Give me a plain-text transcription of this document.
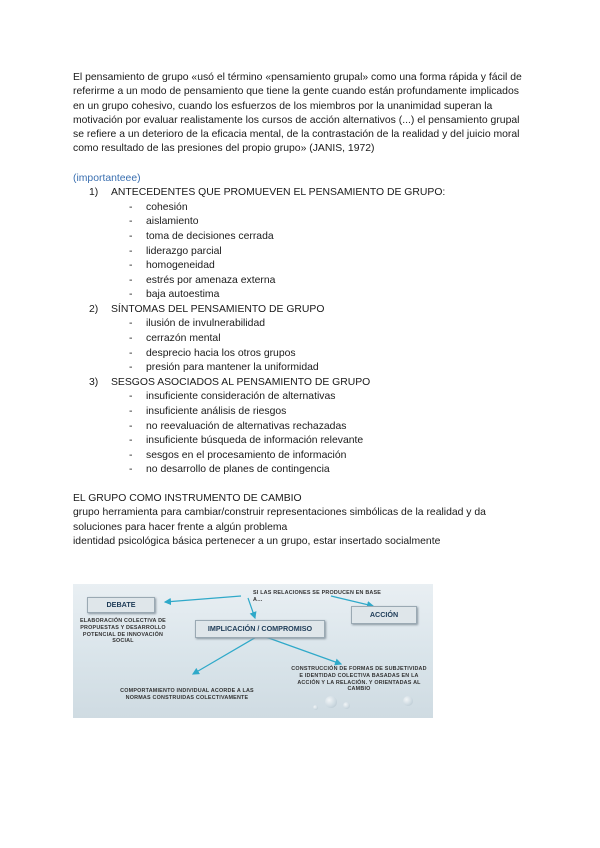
El pensamiento de grupo «usó el término «pensamiento grupal» como una forma rápida y fácil de referirme a un modo de pensamiento que tiene la gente cuando están profundamente implicados en un grupo cohesivo, cuando los esfuerzos de los miembros por la unanimidad superan la motivación por evaluar realistamente los cursos de acción alternativos (...) el pensamiento grupal se refiere a un deterioro de la eficacia mental, de la contrastación de la realidad y del juicio moral como resultado de las presiones del propio grupo» (JANIS, 1972)

(importanteee)

1) ANTECEDENTES QUE PROMUEVEN EL PENSAMIENTO DE GRUPO:
- cohesión
- aislamiento
- toma de decisiones cerrada
- liderazgo parcial
- homogeneidad
- estrés por amenaza externa
- baja autoestima
2) SÍNTOMAS DEL PENSAMIENTO DE GRUPO
- ilusión de invulnerabilidad
- cerrazón mental
- desprecio hacia los otros grupos
- presión para mantener la uniformidad
3) SESGOS ASOCIADOS AL PENSAMIENTO DE GRUPO
- insuficiente consideración de alternativas
- insuficiente análisis de riesgos
- no reevaluación de alternativas rechazadas
- insuficiente búsqueda de información relevante
- sesgos en el procesamiento de información
- no desarrollo de planes de contingencia

EL GRUPO COMO INSTRUMENTO DE CAMBIO

grupo herramienta para cambiar/construir representaciones simbólicas de la realidad y da soluciones para hacer frente a algún problema

identidad psicológica básica pertenecer a un grupo, estar insertado socialmente

SI LAS RELACIONES SE PRODUCEN EN BASE A…
DEBATE
ACCIÓN
IMPLICACIÓN / COMPROMISO
ELABORACIÓN COLECTIVA DE PROPUESTAS Y DESARROLLO POTENCIAL DE INNOVACIÓN SOCIAL
COMPORTAMIENTO INDIVIDUAL ACORDE A LAS NORMAS CONSTRUIDAS COLECTIVAMENTE
CONSTRUCCIÓN DE FORMAS DE SUBJETIVIDAD E IDENTIDAD COLECTIVA BASADAS EN LA ACCIÓN Y LA RELACIÓN. Y ORIENTADAS AL CAMBIO
